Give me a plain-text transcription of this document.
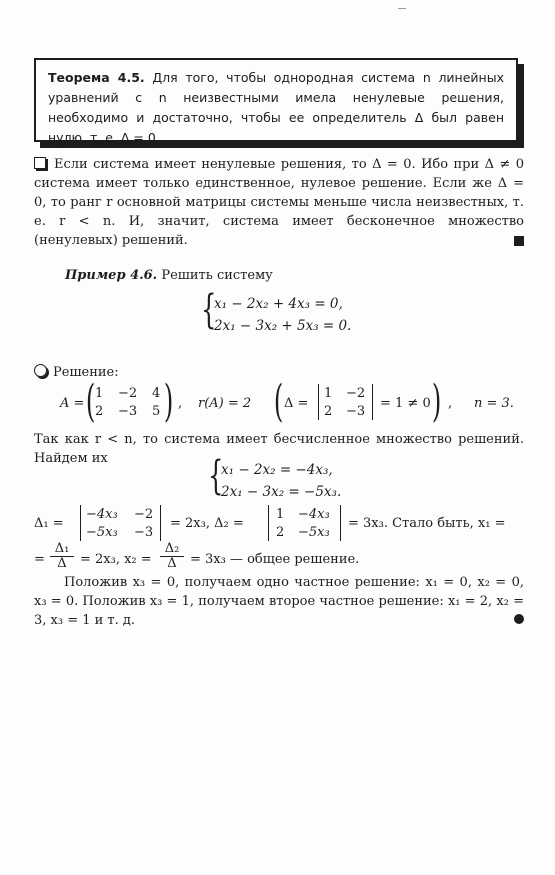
Теорема 4.5. Для того, чтобы однородная система n линейных уравнений с n неизвестными имела ненулевые решения, необходимо и достаточно, чтобы ее определитель Δ был равен нулю, т. е. Δ = 0.
Если система имеет ненулевые решения, то Δ = 0. Ибо при Δ ≠ 0 система имеет только единственное, нулевое решение. Если же Δ = 0, то ранг r основной матрицы системы меньше числа неизвестных, т. е. r < n. И, значит, система имеет бесконечное множество (ненулевых) решений.
Пример 4.6. Решить систему
{
x₁ − 2x₂ + 4x₃ = 0,
2x₁ − 3x₂ + 5x₃ = 0.
Решение:
A = ( 1 −2 4
2 −3 5 ) , r(A) = 2 ( Δ =
1 −2
2 −3
= 1 ≠ 0 ) , n = 3.
Так как r < n, то система имеет бесчисленное множество решений. Найдем их	{
x₁ − 2x₂ = −4x₃,
2x₁ − 3x₂ = −5x₃.
Δ₁ =
−4x₃ −2
−5x₃ −3
= 2x₃, Δ₂ =
1 −4x₃
2 −5x₃
= 3x₃. Стало быть, x₁ =
= $\frac{\text{Δ₁}}{\Delta} = 2x_3$, $x_2 = \frac{\text{Δ₂}}{\Delta} = 3x_3$ — общее решение.
Положив x₃ = 0, получаем одно частное решение: x₁ = 0, x₂ = 0, x₃ = 0. Положив x₃ = 1, получаем второе частное решение: x₁ = 2, x₂ = 3, x₃ = 1 и т. д.
